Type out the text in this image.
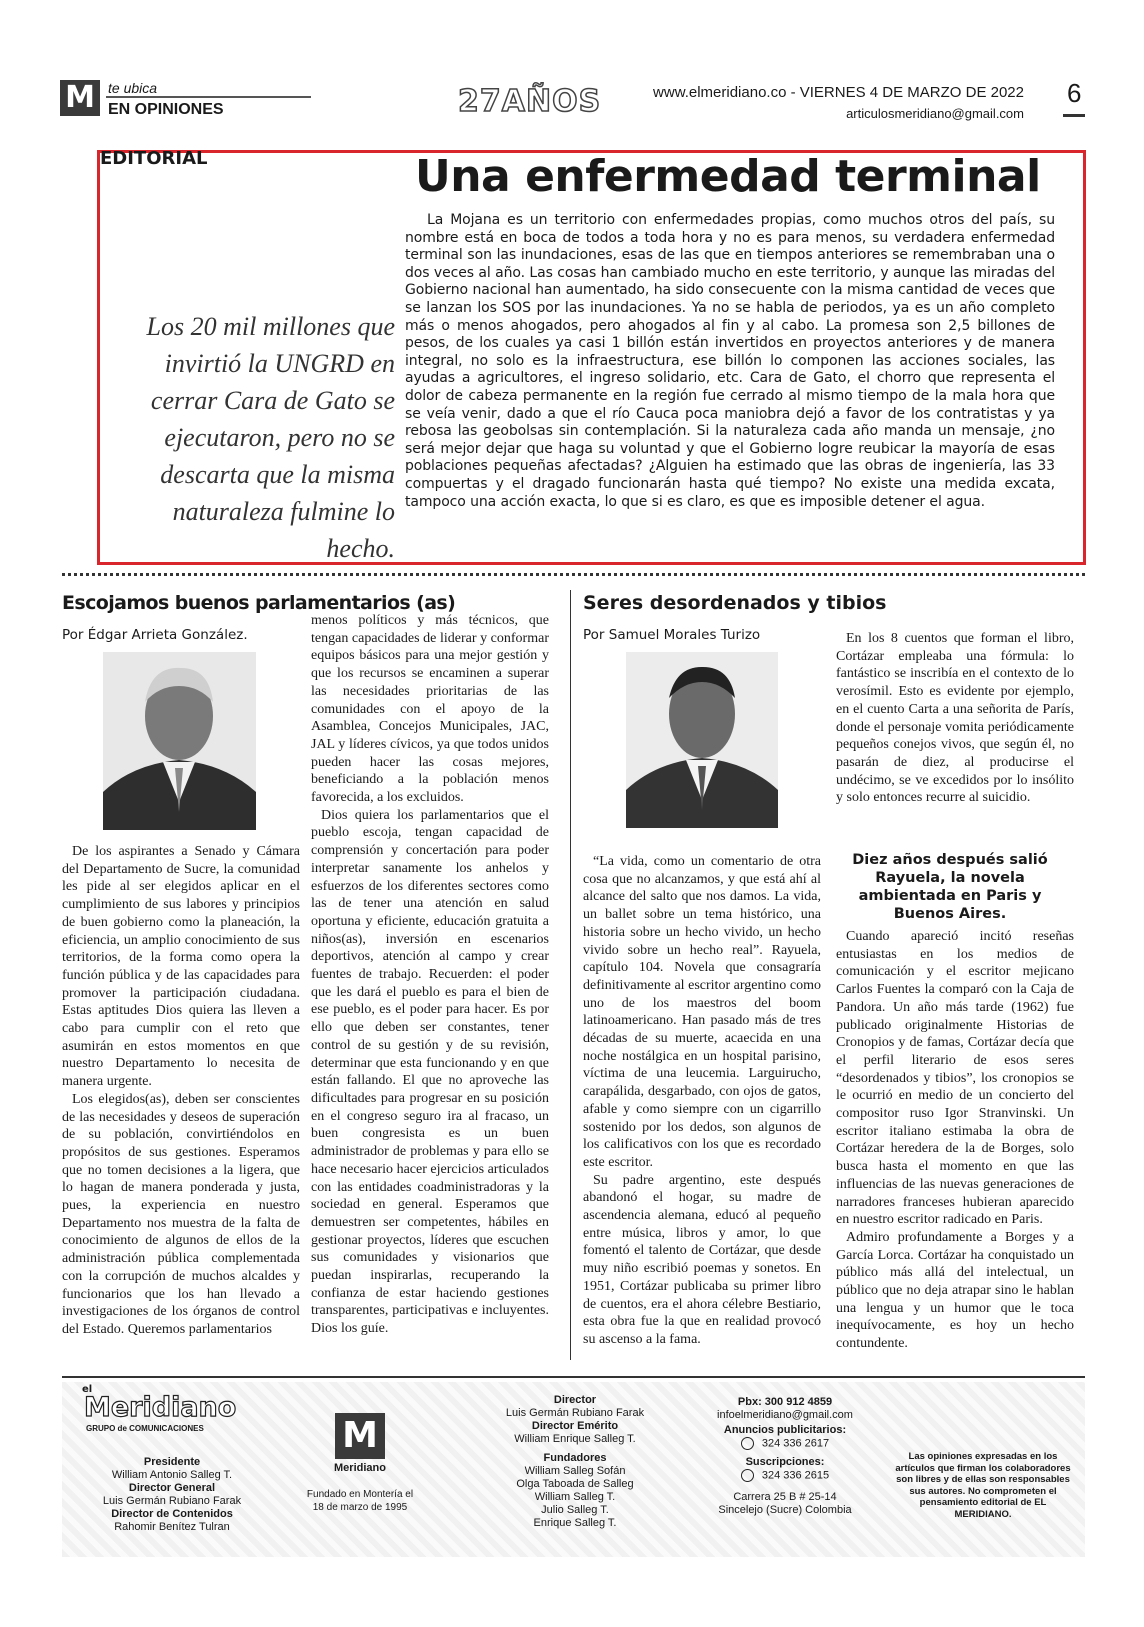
M te ubica
EN OPINIONES	27AÑOS	www.elmeridiano.co - VIERNES 4 DE MARZO DE 2022
articulosmeridiano@gmail.com
6
EDITORIAL	Una enfermedad terminal
Los 20 mil millones que invirtió la UNGRD en cerrar Cara de Gato se ejecutaron, pero no se descarta que la misma naturaleza fulmine lo hecho.
La Mojana es un territorio con enfermedades propias, como muchos otros del país, su nombre está en boca de todos a toda hora y no es para menos, su verdadera enfermedad terminal son las inundaciones, esas de las que en tiempos anteriores se remembraban una o dos veces al año. Las cosas han cambiado mucho en este territorio, y aunque las miradas del Gobierno nacional han aumentado, ha sido consecuente con la misma cantidad de veces que se lanzan los SOS por las inundaciones. Ya no se habla de periodos, ya es un año completo más o menos ahogados, pero ahogados al fin y al cabo. La promesa son 2,5 billones de pesos, de los cuales ya casi 1 billón están invertidos en proyectos anteriores y de manera integral, no solo es la infraestructura, ese billón lo componen las acciones sociales, las ayudas a agricultores, el ingreso solidario, etc. Cara de Gato, el chorro que representa el dolor de cabeza permanente en la región fue cerrado al mismo tiempo de la mala hora que se veía venir, dado a que el río Cauca poca maniobra dejó a favor de los contratistas y ya rebosa las geobolsas sin contemplación. Si la naturaleza cada año manda un mensaje, ¿no será mejor dejar que haga su voluntad y que el Gobierno logre reubicar la mayoría de esas poblaciones pequeñas afectadas? ¿Alguien ha estimado que las obras de ingeniería, las 33 compuertas y el dragado funcionarán hasta qué tiempo? No existe una medida excata, tampoco una acción exacta, lo que si es claro, es que es imposible detener el agua.
Escojamos buenos parlamentarios (as)
Por Édgar Arrieta González.

De los aspirantes a Senado y Cámara del Departamento de Sucre, la comunidad les pide al ser elegidos aplicar en el cumplimiento de sus labores y principios de buen gobierno como la planeación, la eficiencia, un amplio conocimiento de sus territorios, de la forma como opera la función pública y de las capacidades para promover la participación ciudadana. Estas aptitudes Dios quiera las lleven a cabo para cumplir con el reto que asumirán en estos momentos en que nuestro Departamento lo necesita de manera urgente.

Los elegidos(as), deben ser conscientes de las necesidades y deseos de superación de su población, convirtiéndolos en propósitos de sus gestiones. Esperamos que no tomen decisiones a la ligera, que lo hagan de manera ponderada y justa, pues, la experiencia en nuestro Departamento nos muestra de la falta de conocimiento de algunos de ellos de la administración pública complementada con la corrupción de muchos alcaldes y funcionarios que los han llevado a investigaciones de los órganos de control del Estado. Queremos parlamentarios

menos políticos y más técnicos, que tengan capacidades de liderar y conformar equipos básicos para una mejor gestión y que los recursos se encaminen a superar las necesidades prioritarias de las comunidades con el apoyo de la Asamblea, Concejos Municipales, JAC, JAL y líderes cívicos, ya que todos unidos pueden hacer las cosas mejores, beneficiando a la población menos favorecida, a los excluidos.

Dios quiera los parlamentarios que el pueblo escoja, tengan capacidad de comprensión y concertación para poder interpretar sanamente los anhelos y esfuerzos de los diferentes sectores como las de tener una atención en salud oportuna y eficiente, educación gratuita a niños(as), inversión en escenarios deportivos, atención al campo y crear fuentes de trabajo. Recuerden: el poder que les dará el pueblo es para el bien de ese pueblo, es el poder para hacer. Es por ello que deben ser constantes, tener control de su gestión y de su revisión, determinar que esta funcionando y en que están fallando. El que no aproveche las dificultades para progresar en su posición en el congreso seguro ira al fracaso, un buen congresista es un buen administrador de problemas y para ello se hace necesario hacer ejercicios articulados con las entidades coadministradoras y la sociedad en general. Esperamos que demuestren ser competentes, hábiles en gestionar proyectos, líderes que escuchen sus comunidades y visionarios que puedan inspirarlas, recuperando la confianza de estar haciendo gestiones transparentes, participativas e incluyentes. Dios los guíe.

Seres desordenados y tibios
Por Samuel Morales Turizo

“La vida, como un comentario de otra cosa que no alcanzamos, y que está ahí al alcance del salto que nos damos. La vida, un ballet sobre un tema histórico, una historia sobre un hecho vivido, un hecho vivido sobre un hecho real”. Rayuela, capítulo 104. Novela que consagraría definitivamente al escritor argentino como uno de los maestros del boom latinoamericano. Han pasado más de tres décadas de su muerte, acaecida en una noche nostálgica en un hospital parisino, víctima de una leucemia. Larguirucho, carapálida, desgarbado, con ojos de gatos, afable y como siempre con un cigarrillo sostenido por los dedos, son algunos de los calificativos con los que es recordado este escritor.

Su padre argentino, este después abandonó el hogar, su madre de ascendencia alemana, educó al pequeño entre música, libros y amor, lo que fomentó el talento de Cortázar, que desde muy niño escribió poemas y sonetos. En 1951, Cortázar publicaba su primer libro de cuentos, era el ahora célebre Bestiario, esta obra fue la que en realidad provocó su ascenso a la fama.

En los 8 cuentos que forman el libro, Cortázar empleaba una fórmula: lo fantástico se inscribía en el contexto de lo verosímil. Esto es evidente por ejemplo, en el cuento Carta a una señorita de París, donde el personaje vomita periódicamente pequeños conejos vivos, que según él, no pasarán de diez, al producirse el undécimo, se ve excedidos por lo insólito y solo entonces recurre al suicidio.

Diez años después salió Rayuela, la novela ambientada en Paris y Buenos Aires.

Cuando apareció incitó reseñas entusiastas en los medios de comunicación y el escritor mejicano Carlos Fuentes la comparó con la Caja de Pandora. Un año más tarde (1962) fue publicado originalmente Historias de Cronopios y de famas, Cortázar decía que el perfil literario de esos seres “desordenados y tibios”, los cronopios se le ocurrió en medio de un concierto del compositor ruso Igor Stranvinski. Un escritor italiano estimaba la obra de Cortázar heredera de la de Borges, solo busca hasta el momento en que las influencias de las nuevas generaciones de narradores franceses hubieran aparecido en nuestro escritor radicado en Paris.

Admiro profundamente a Borges y a García Lorca. Cortázar ha conquistado un público más allá del intelectual, un público que no deja atrapar sino le hablan una lengua y un humor que le toca inequívocamente, es hoy un hecho contundente.

el
Meridiano
GRUPO de COMUNICACIONES
Presidente
William Antonio Salleg T.
Director General
Luis Germán Rubiano Farak
Director de Contenidos
Rahomir Benítez Tulran
M
Meridiano
Fundado en Montería el 18 de marzo de 1995
Director
Luis Germán Rubiano Farak
Director Emérito
William Enrique Salleg T.
Fundadores
William Salleg Sofán
Olga Taboada de Salleg
William Salleg T.
Julio Salleg T.
Enrique Salleg T.
Pbx: 300 912 4859
infoelmeridiano@gmail.com
Anuncios publicitarios:
324 336 2617
Suscripciones:
324 336 2615
Carrera 25 B # 25-14
Sincelejo (Sucre) Colombia
Las opiniones expresadas en los artículos que firman los colaboradores son libres y de ellas son responsables sus autores. No comprometen el pensamiento editorial de EL MERIDIANO.
